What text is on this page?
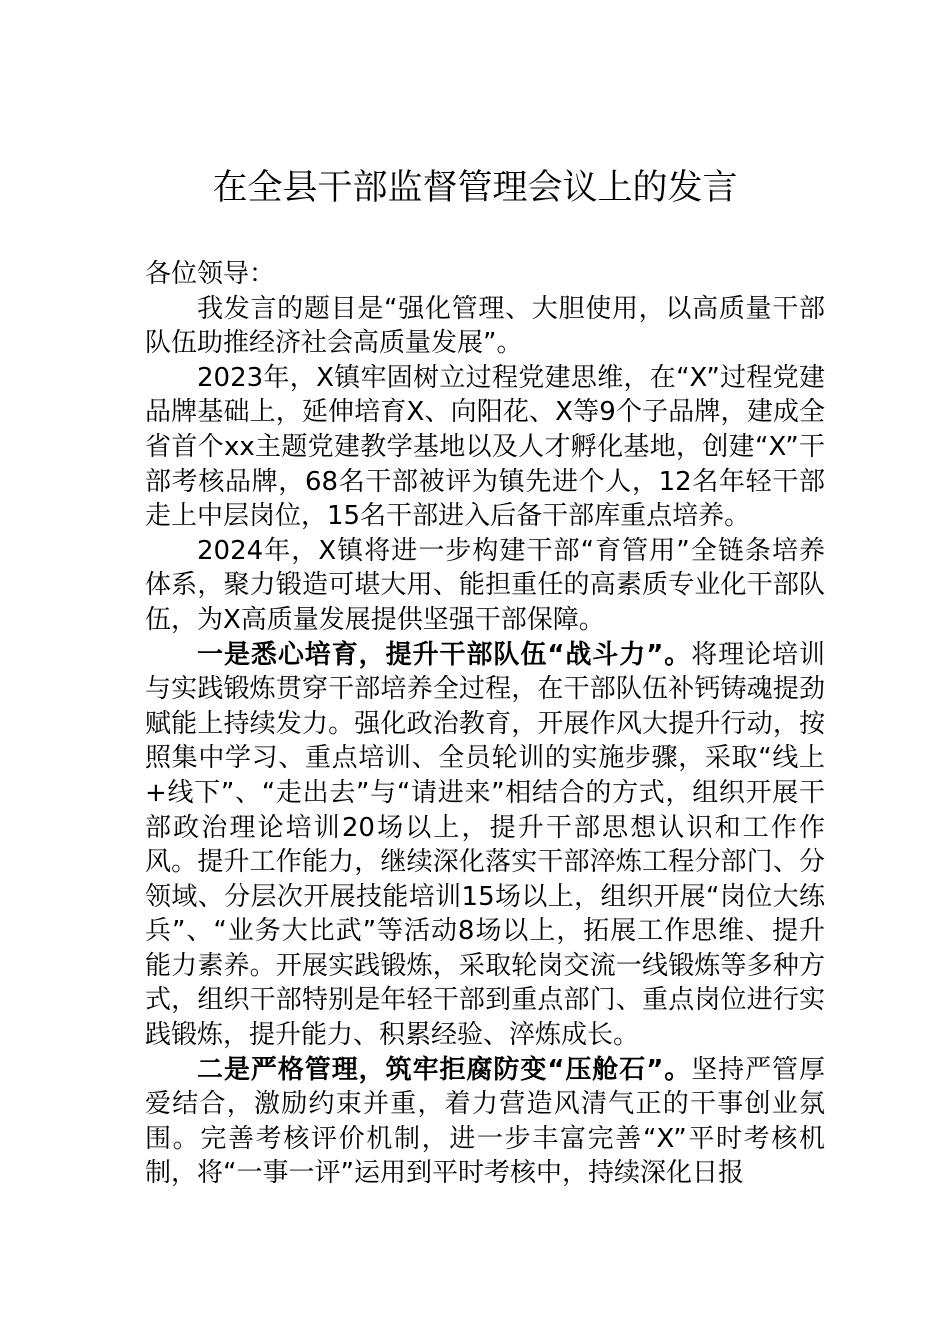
在全县干部监督管理会议上的发言

各位领导：

我发言的题目是“强化管理、大胆使用，以高质量干部队伍助推经济社会高质量发展”。

2023年，X镇牢固树立过程党建思维，在“X”过程党建品牌基础上，延伸培育X、向阳花、X等9个子品牌，建成全省首个xx主题党建教学基地以及人才孵化基地，创建“X”干部考核品牌，68名干部被评为镇先进个人，12名年轻干部走上中层岗位，15名干部进入后备干部库重点培养。

2024年，X镇将进一步构建干部“育管用”全链条培养体系，聚力锻造可堪大用、能担重任的高素质专业化干部队伍，为X高质量发展提供坚强干部保障。

一是悉心培育，提升干部队伍“战斗力”。将理论培训与实践锻炼贯穿干部培养全过程，在干部队伍补钙铸魂提劲赋能上持续发力。强化政治教育，开展作风大提升行动，按照集中学习、重点培训、全员轮训的实施步骤，采取“线上+线下”、“走出去”与“请进来”相结合的方式，组织开展干部政治理论培训20场以上，提升干部思想认识和工作作风。提升工作能力，继续深化落实干部淬炼工程分部门、分领域、分层次开展技能培训15场以上，组织开展“岗位大练兵”、“业务大比武”等活动8场以上，拓展工作思维、提升能力素养。开展实践锻炼，采取轮岗交流一线锻炼等多种方式，组织干部特别是年轻干部到重点部门、重点岗位进行实践锻炼，提升能力、积累经验、淬炼成长。

二是严格管理，筑牢拒腐防变“压舱石”。坚持严管厚爱结合，激励约束并重，着力营造风清气正的干事创业氛围。完善考核评价机制，进一步丰富完善“X”平时考核机制，将“一事一评”运用到平时考核中，持续深化日报
